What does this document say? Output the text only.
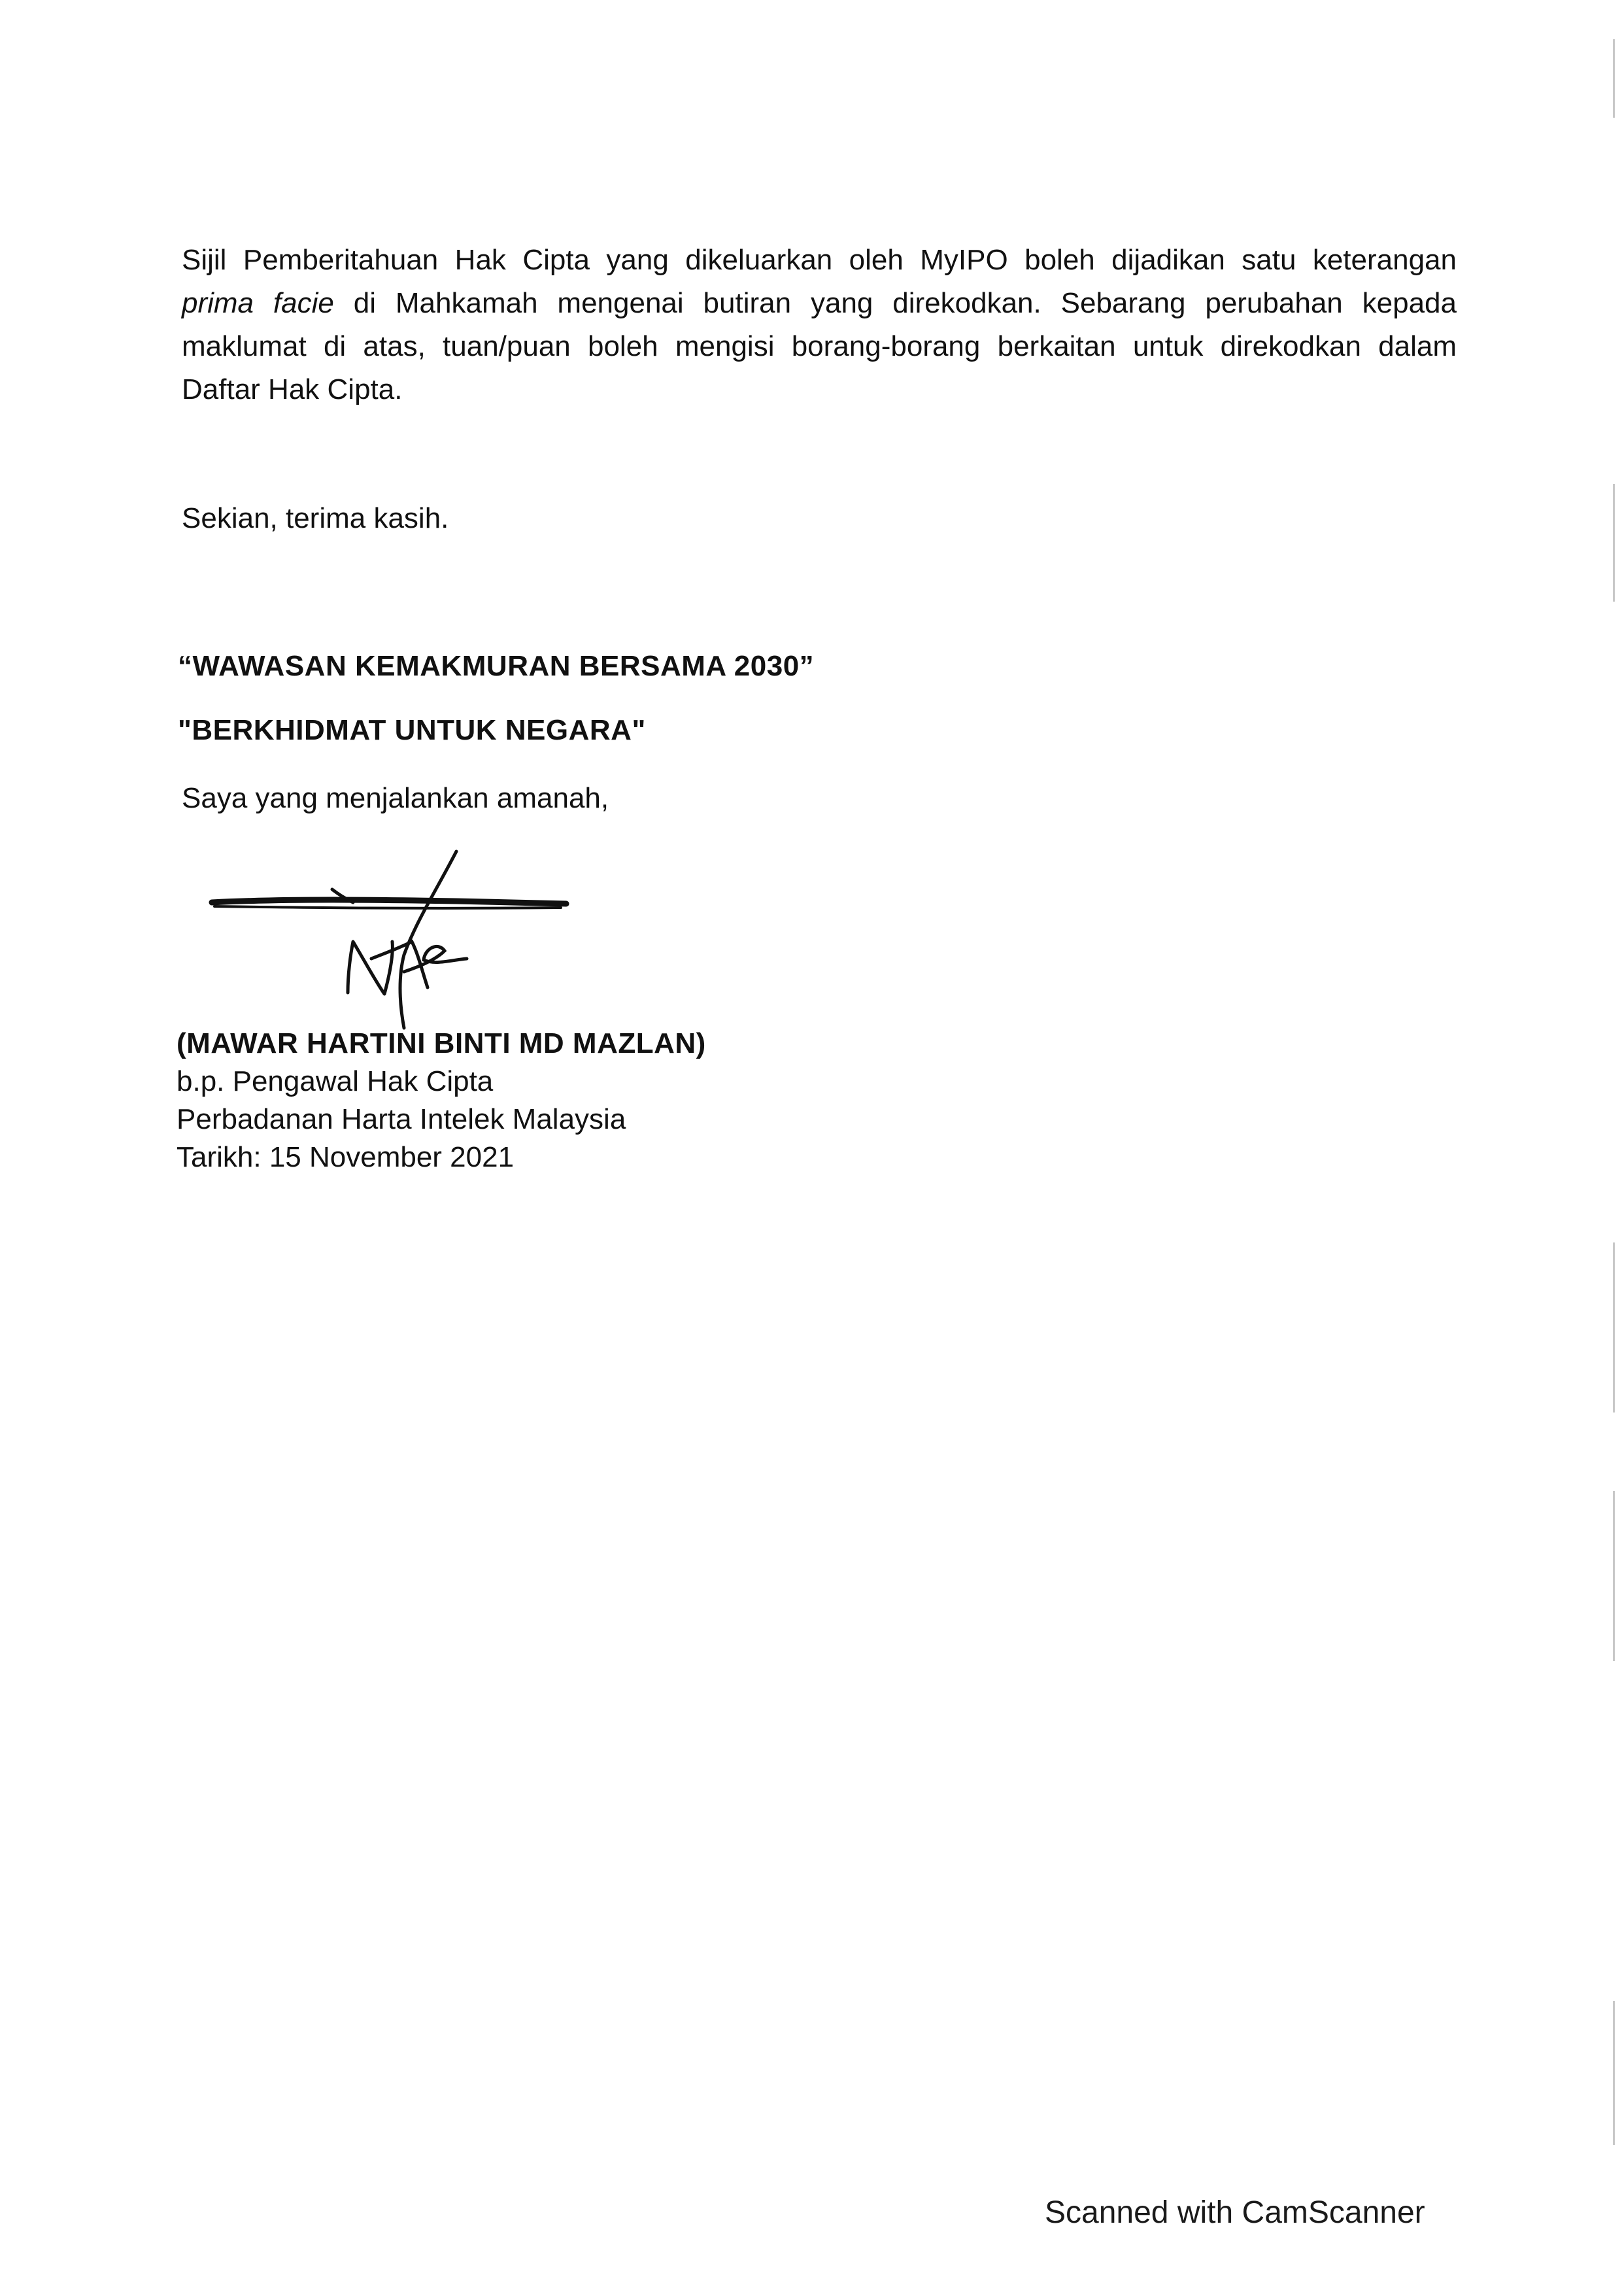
Sijil Pemberitahuan Hak Cipta yang dikeluarkan oleh MyIPO boleh dijadikan satu keterangan
prima facie di Mahkamah mengenai butiran yang direkodkan. Sebarang perubahan kepada
maklumat di atas, tuan/puan boleh mengisi borang-borang berkaitan untuk direkodkan dalam
Daftar Hak Cipta.

Sekian, terima kasih.

“WAWASAN KEMAKMURAN BERSAMA 2030”

"BERKHIDMAT UNTUK NEGARA"

Saya yang menjalankan amanah,

(MAWAR HARTINI BINTI MD MAZLAN)
b.p. Pengawal Hak Cipta
Perbadanan Harta Intelek Malaysia
Tarikh: 15 November 2021

Scanned with CamScanner
